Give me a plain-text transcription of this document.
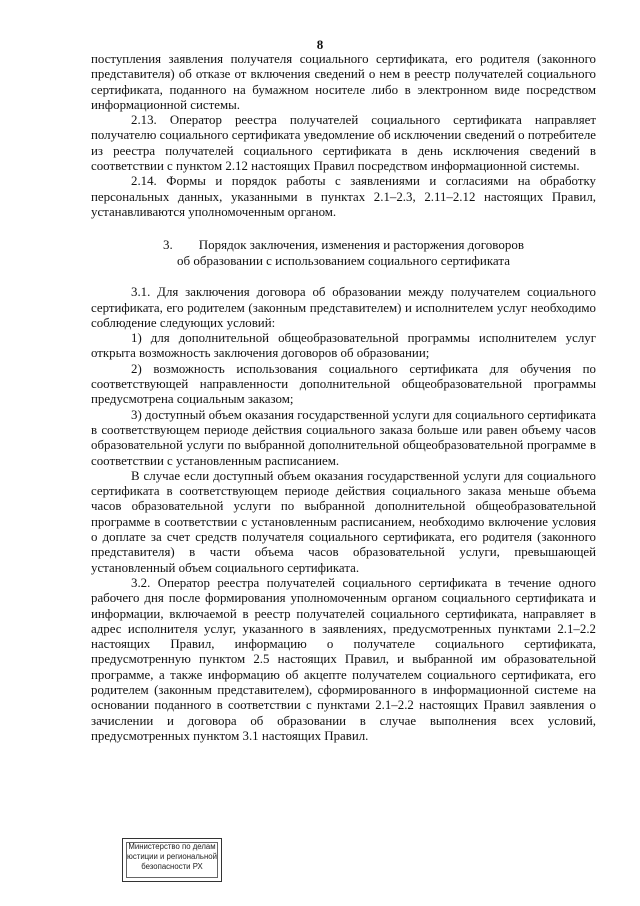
8

поступления заявления получателя социального сертификата, его родителя (законного представителя) об отказе от включения сведений о нем в реестр получателей социального сертификата, поданного на бумажном носителе либо в электронном виде посредством информационной системы.

2.13. Оператор реестра получателей социального сертификата направляет получателю социального сертификата уведомление об исключении сведений о потребителе из реестра получателей социального сертификата в день исключения сведений в соответствии с пунктом 2.12 настоящих Правил посредством информационной системы.

2.14. Формы и порядок работы с заявлениями и согласиями на обработку персональных данных, указанными в пунктах 2.1–2.3, 2.11–2.12 настоящих Правил, устанавливаются уполномоченным органом.

3.        Порядок заключения, изменения и расторжения договоров
об образовании с использованием социального сертификата

3.1. Для заключения договора об образовании между получателем социального сертификата, его родителем (законным представителем) и исполнителем услуг необходимо соблюдение следующих условий:

1) для дополнительной общеобразовательной программы исполнителем услуг открыта возможность заключения договоров об образовании;

2) возможность использования социального сертификата для обучения по соответствующей направленности дополнительной общеобразовательной программы предусмотрена социальным заказом;

3) доступный объем оказания государственной услуги для социального сертификата в соответствующем периоде действия социального заказа больше или равен объему часов образовательной услуги по выбранной дополнительной общеобразовательной программе в соответствии с установленным расписанием.

В случае если доступный объем оказания государственной услуги для социального сертификата в соответствующем периоде действия социального заказа меньше объема часов образовательной услуги по выбранной дополнительной общеобразовательной программе в соответствии с установленным расписанием, необходимо включение условия о доплате за счет средств получателя социального сертификата, его родителя (законного представителя) в части объема часов образовательной услуги, превышающей установленный объем социального сертификата.

3.2. Оператор реестра получателей социального сертификата в течение одного рабочего дня после формирования уполномоченным органом социального сертификата и информации, включаемой в реестр получателей социального сертификата, направляет в адрес исполнителя услуг, указанного в заявлениях, предусмотренных пунктами 2.1–2.2 настоящих Правил, информацию о получателе социального сертификата, предусмотренную пунктом 2.5 настоящих Правил, и выбранной им образовательной программе, а также информацию об акцепте получателем социального сертификата, его родителем (законным представителем), сформированного в информационной системе на основании поданного в соответствии с пунктами 2.1–2.2 настоящих Правил заявления о зачислении и договора об образовании в случае выполнения всех условий, предусмотренных пунктом 3.1 настоящих Правил.

Министерство по делам
юстиции и региональной
безопасности РХ
